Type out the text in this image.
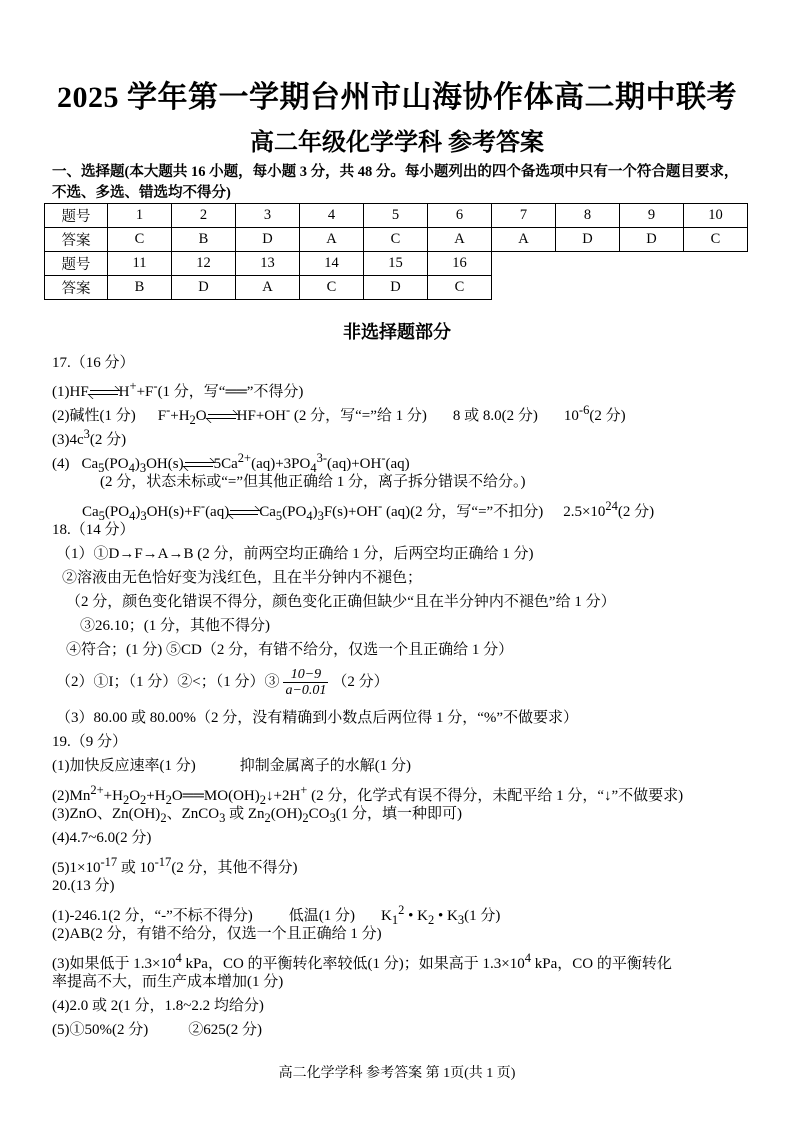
2025 学年第一学期台州市山海协作体高二期中联考
高二年级化学学科 参考答案
一、选择题(本大题共 16 小题，每小题 3 分，共 48 分。每小题列出的四个备选项中只有一个符合题目要求，不选、多选、错选均不得分)
题号	1	2	3	4	5	6	7	8	9	10
答案	C	B	D	A	C	A	A	D	D	C
题号	11	12	13	14	15	16				
答案	B	D	A	C	D	C				
非选择题部分
17.（16 分）
(1)HF H++F-(1 分，写“══”不得分)
(2)碱性(1 分) $F^-+H_2O$ HF+OH- (2 分，写“=”给 1 分) 8 或 8.0(2 分) $10^{-6}(2$ 分)
$(3)4c^3(2$ 分)
(4) $Ca_5(PO_4)_3OH(s)$ $5Ca^{2+}(aq)+3PO_4^{3-}(aq)+OH^-(aq)$
(2 分，状态未标或“=”但其他正确给 1 分，离子拆分错误不给分。)
$Ca_5(PO_4)_3OH(s)+F^-(aq)$ $Ca_5(PO_4)_3F(s)+OH^-$ (aq)(2 分，写“=”不扣分) $2.5\times 10^{24}(2$ 分)
18.（14 分）
（1）①D→F→A→B (2 分，前两空均正确给 1 分，后两空均正确给 1 分)
②溶液由无色恰好变为浅红色，且在半分钟内不褪色；
（2 分，颜色变化错误不得分，颜色变化正确但缺少“且在半分钟内不褪色”给 1 分）
③26.10；(1 分，其他不得分)
④符合；(1 分) ⑤CD（2 分，有错不给分，仅选一个且正确给 1 分）
（2）①I；（1 分）②<；（1 分）③ $\frac{10-9}{a-0.01} (2$ 分）
（3）80.00 或 80.00%（2 分，没有精确到小数点后两位得 1 分，“%”不做要求）
19.（9 分）
(1)加快反应速率(1 分)	抑制金属离子的水解(1 分)
$(2)Mn^{2+}+H_2O_2+H_2O══MO(OH)_2↓+2H^+$ (2 分，化学式有误不得分，未配平给 1 分，“↓”不做要求)
(3)ZnO、$Zn(OH)_2$、ZnCO$_3$ 或 $Zn_2(OH)_2CO_3(1$ 分，填一种即可)
(4)4.7~6.0(2 分)
$(5)1\times 10^{-17}$ 或 $10^{-17}(2$ 分，其他不得分)
20.(13 分)
(1)-246.1(2 分，“-”不标不得分) 低温(1 分) $K_1^2$ • $K_2$ • $K_3(1$ 分)
(2)AB(2 分，有错不给分，仅选一个且正确给 1 分)
(3)如果低于 $1.3\times 10^4$ kPa，CO 的平衡转化率较低(1 分)；如果高于 $1.3\times 10^4$ kPa，CO 的平衡转化
率提高不大，而生产成本增加(1 分)
(4)2.0 或 2(1 分，1.8~2.2 均给分)
(5)①50%(2 分)	②625(2 分)
高二化学学科 参考答案 第 1页(共 1 页)
